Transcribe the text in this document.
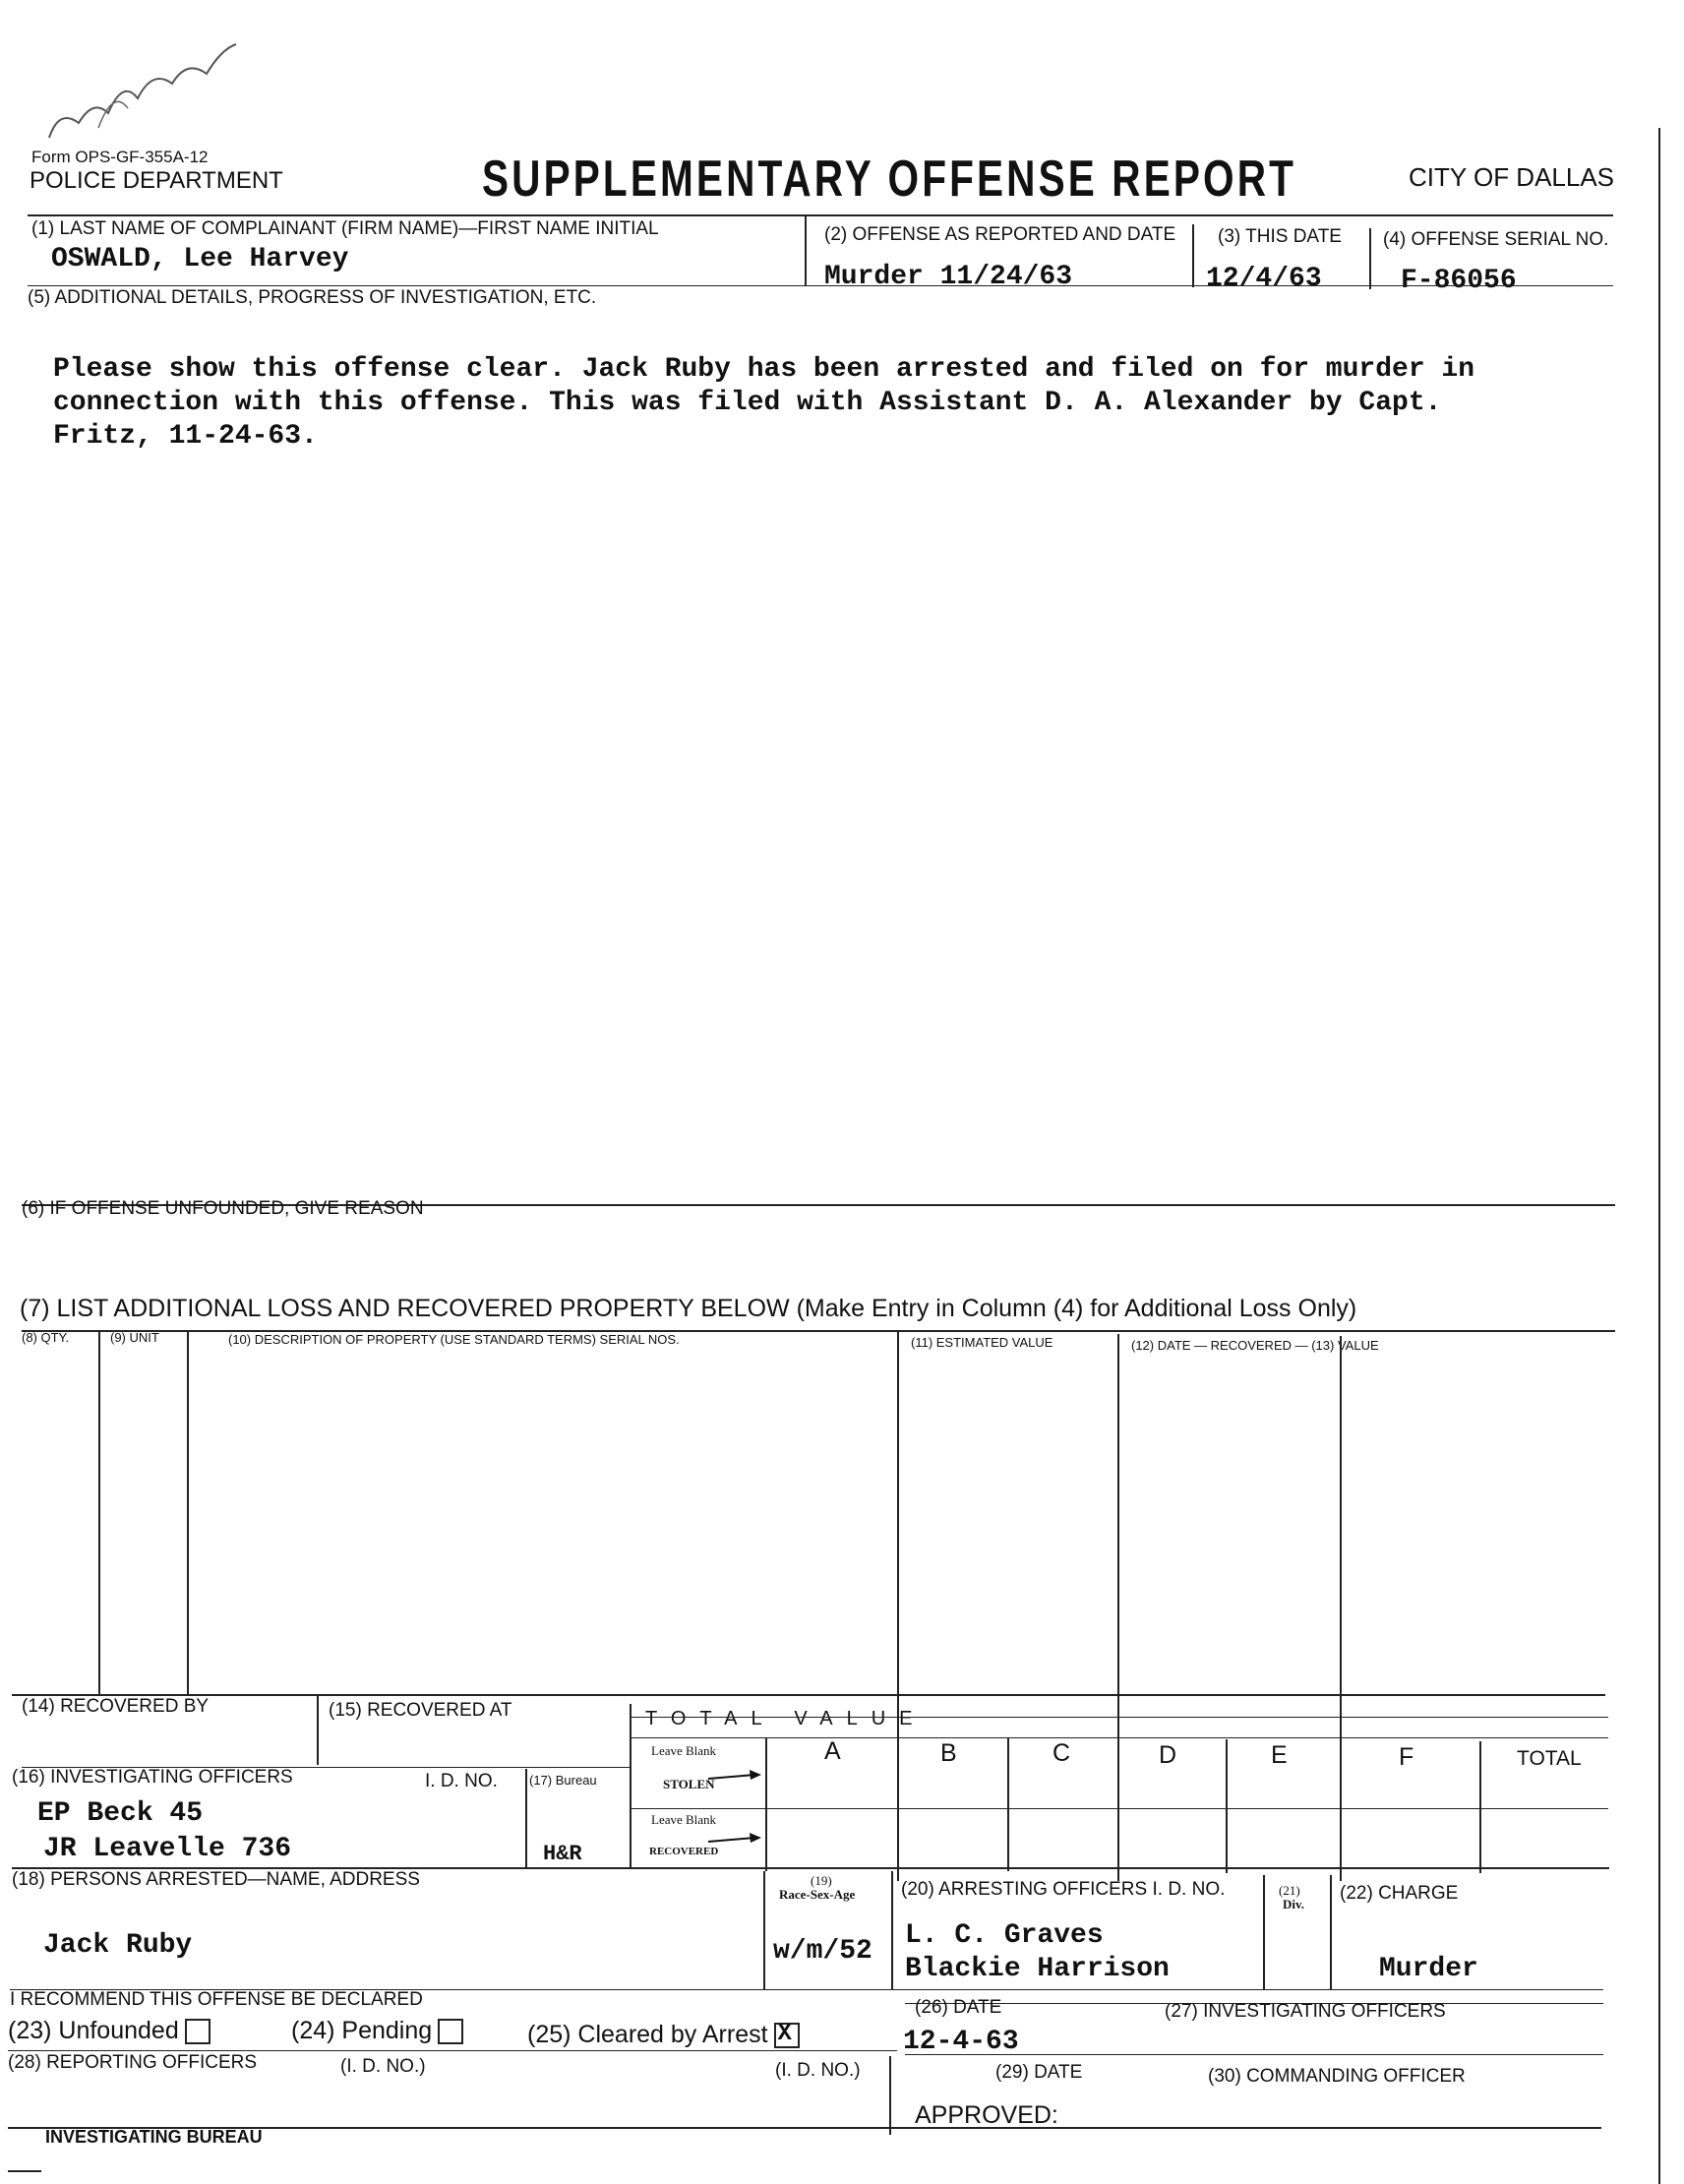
Form OPS-GF-355A-12
POLICE DEPARTMENT	SUPPLEMENTARY OFFENSE REPORT	CITY OF DALLAS
(1) LAST NAME OF COMPLAINANT (FIRM NAME)—FIRST NAME INITIAL
OSWALD, Lee Harvey
(2) OFFENSE AS REPORTED AND DATE
Murder 11/24/63
(3) THIS DATE
12/4/63
(4) OFFENSE SERIAL NO.
F-86056
(5) ADDITIONAL DETAILS, PROGRESS OF INVESTIGATION, ETC.
Please show this offense clear. Jack Ruby has been arrested and filed on for murder in
connection with this offense. This was filed with Assistant D. A. Alexander by Capt.
Fritz, 11-24-63.
(6) IF OFFENSE UNFOUNDED, GIVE REASON
(7) LIST ADDITIONAL LOSS AND RECOVERED PROPERTY BELOW (Make Entry in Column (4) for Additional Loss Only)
(8) QTY.	(9) UNIT	(10) DESCRIPTION OF PROPERTY (USE STANDARD TERMS) SERIAL NOS.	(11) ESTIMATED VALUE	(12) DATE — RECOVERED — (13) VALUE
(14) RECOVERED BY	(15) RECOVERED AT	TOTAL VALUE
A	B	C	D	E	F	TOTAL
Leave Blank
STOLEN
(16) INVESTIGATING OFFICERS	I. D. NO. (17) Bureau
Leave Blank
RECOVERED
EP Beck 45
JR Leavelle 736	H&R
(18) PERSONS ARRESTED—NAME, ADDRESS
Jack Ruby
(19)
Race-Sex-Age
w/m/52
(20) ARRESTING OFFICERS I. D. NO.
L. C. Graves
Blackie Harrison
(21)
Div.
(22) CHARGE
Murder
I RECOMMEND THIS OFFENSE BE DECLARED	(26) DATE	(27) INVESTIGATING OFFICERS
(23) Unfounded	(24) Pending	(25) Cleared by Arrest X	12-4-63
(28) REPORTING OFFICERS	(I. D. NO.)	(I. D. NO.)	(29) DATE	(30) COMMANDING OFFICER
APPROVED:
INVESTIGATING BUREAU
